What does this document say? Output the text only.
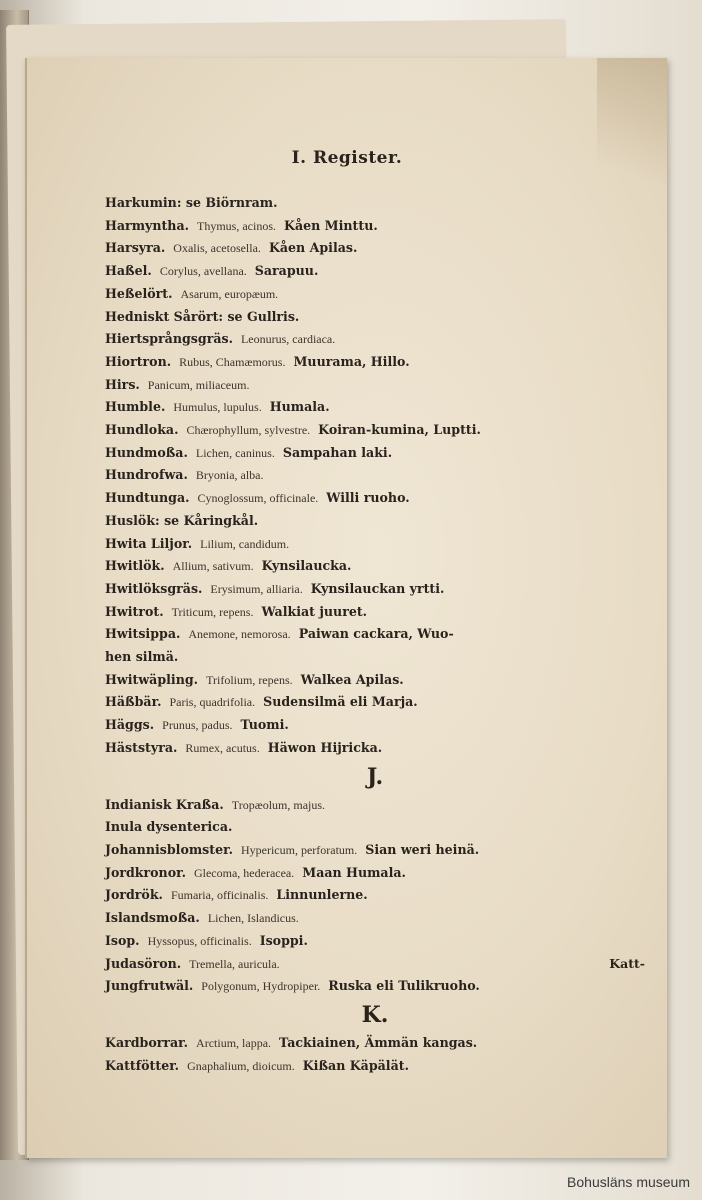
I. Register.
Harkumin: se Biörnram.
Harmyntha. Thymus, acinos. Kåen Minttu.
Harsyra. Oxalis, acetosella. Kåen Apilas.
Haßel. Corylus, avellana. Sarapuu.
Heßelört. Asarum, europæum.
Hedniskt Sårört: se Gullris.
Hiertsprångsgräs. Leonurus, cardiaca.
Hiortron. Rubus, Chamæmorus. Muurama, Hillo.
Hirs. Panicum, miliaceum.
Humble. Humulus, lupulus. Humala.
Hundloka. Chærophyllum, sylvestre. Koiran-kumina, Luptti.
Hundmoßa. Lichen, caninus. Sampahan laki.
Hundrofwa. Bryonia, alba.
Hundtunga. Cynoglossum, officinale. Willi ruoho.
Huslök: se Kåringkål.
Hwita Liljor. Lilium, candidum.
Hwitlök. Allium, sativum. Kynsilaucka.
Hwitlöksgräs. Erysimum, alliaria. Kynsilauckan yrtti.
Hwitrot. Triticum, repens. Walkiat juuret.
Hwitsippa. Anemone, nemorosa. Paiwan cackara, Wuo-
hen silmä.
Hwitwäpling. Trifolium, repens. Walkea Apilas.
Häßbär. Paris, quadrifolia. Sudensilmä eli Marja.
Häggs. Prunus, padus. Tuomi.
Häststyra. Rumex, acutus. Häwon Hijricka.
J.
Indianisk Kraßa. Tropæolum, majus.
Inula dysenterica.
Johannisblomster. Hypericum, perforatum. Sian weri heinä.
Jordkronor. Glecoma, hederacea. Maan Humala.
Jordrök. Fumaria, officinalis. Linnunlerne.
Islandsmoßa. Lichen, Islandicus.
Isop. Hyssopus, officinalis. Isoppi.
Judasöron. Tremella, auricula.
Jungfrutwäl. Polygonum, Hydropiper. Ruska eli Tulikruoho.
K.
Kardborrar. Arctium, lappa. Tackiainen, Ämmän kangas.
Kattfötter. Gnaphalium, dioicum. Kißan Käpälät.
Katt-
Bohusläns museum
